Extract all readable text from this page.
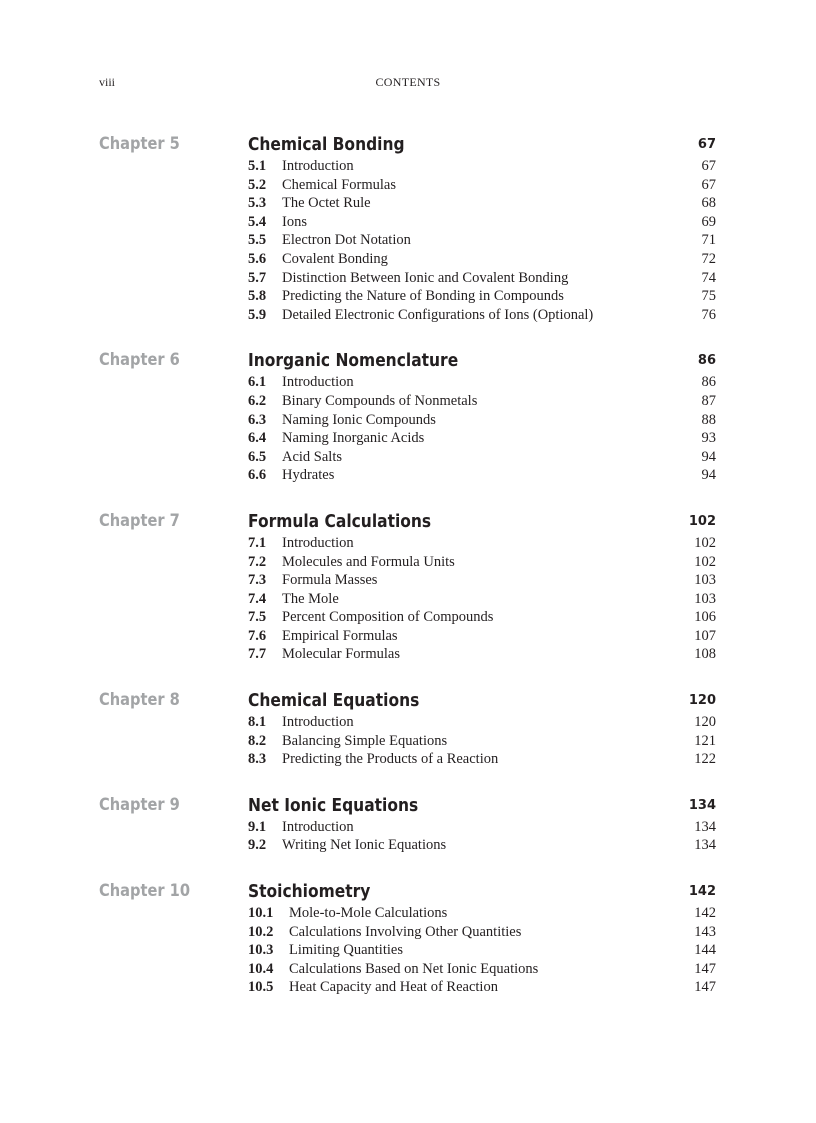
viii	CONTENTS
Chapter 5	Chemical Bonding	67
5.1 Introduction	67
5.2 Chemical Formulas	67
5.3 The Octet Rule	68
5.4 Ions	69
5.5 Electron Dot Notation	71
5.6 Covalent Bonding	72
5.7 Distinction Between Ionic and Covalent Bonding	74
5.8 Predicting the Nature of Bonding in Compounds	75
5.9 Detailed Electronic Configurations of Ions (Optional)	76
Chapter 6	Inorganic Nomenclature	86
6.1 Introduction	86
6.2 Binary Compounds of Nonmetals	87
6.3 Naming Ionic Compounds	88
6.4 Naming Inorganic Acids	93
6.5 Acid Salts	94
6.6 Hydrates	94
Chapter 7	Formula Calculations	102
7.1 Introduction	102
7.2 Molecules and Formula Units	102
7.3 Formula Masses	103
7.4 The Mole	103
7.5 Percent Composition of Compounds	106
7.6 Empirical Formulas	107
7.7 Molecular Formulas	108
Chapter 8	Chemical Equations	120
8.1 Introduction	120
8.2 Balancing Simple Equations	121
8.3 Predicting the Products of a Reaction	122
Chapter 9	Net Ionic Equations	134
9.1 Introduction	134
9.2 Writing Net Ionic Equations	134
Chapter 10	Stoichiometry	142
10.1 Mole-to-Mole Calculations	142
10.2 Calculations Involving Other Quantities	143
10.3 Limiting Quantities	144
10.4 Calculations Based on Net Ionic Equations	147
10.5 Heat Capacity and Heat of Reaction	147
